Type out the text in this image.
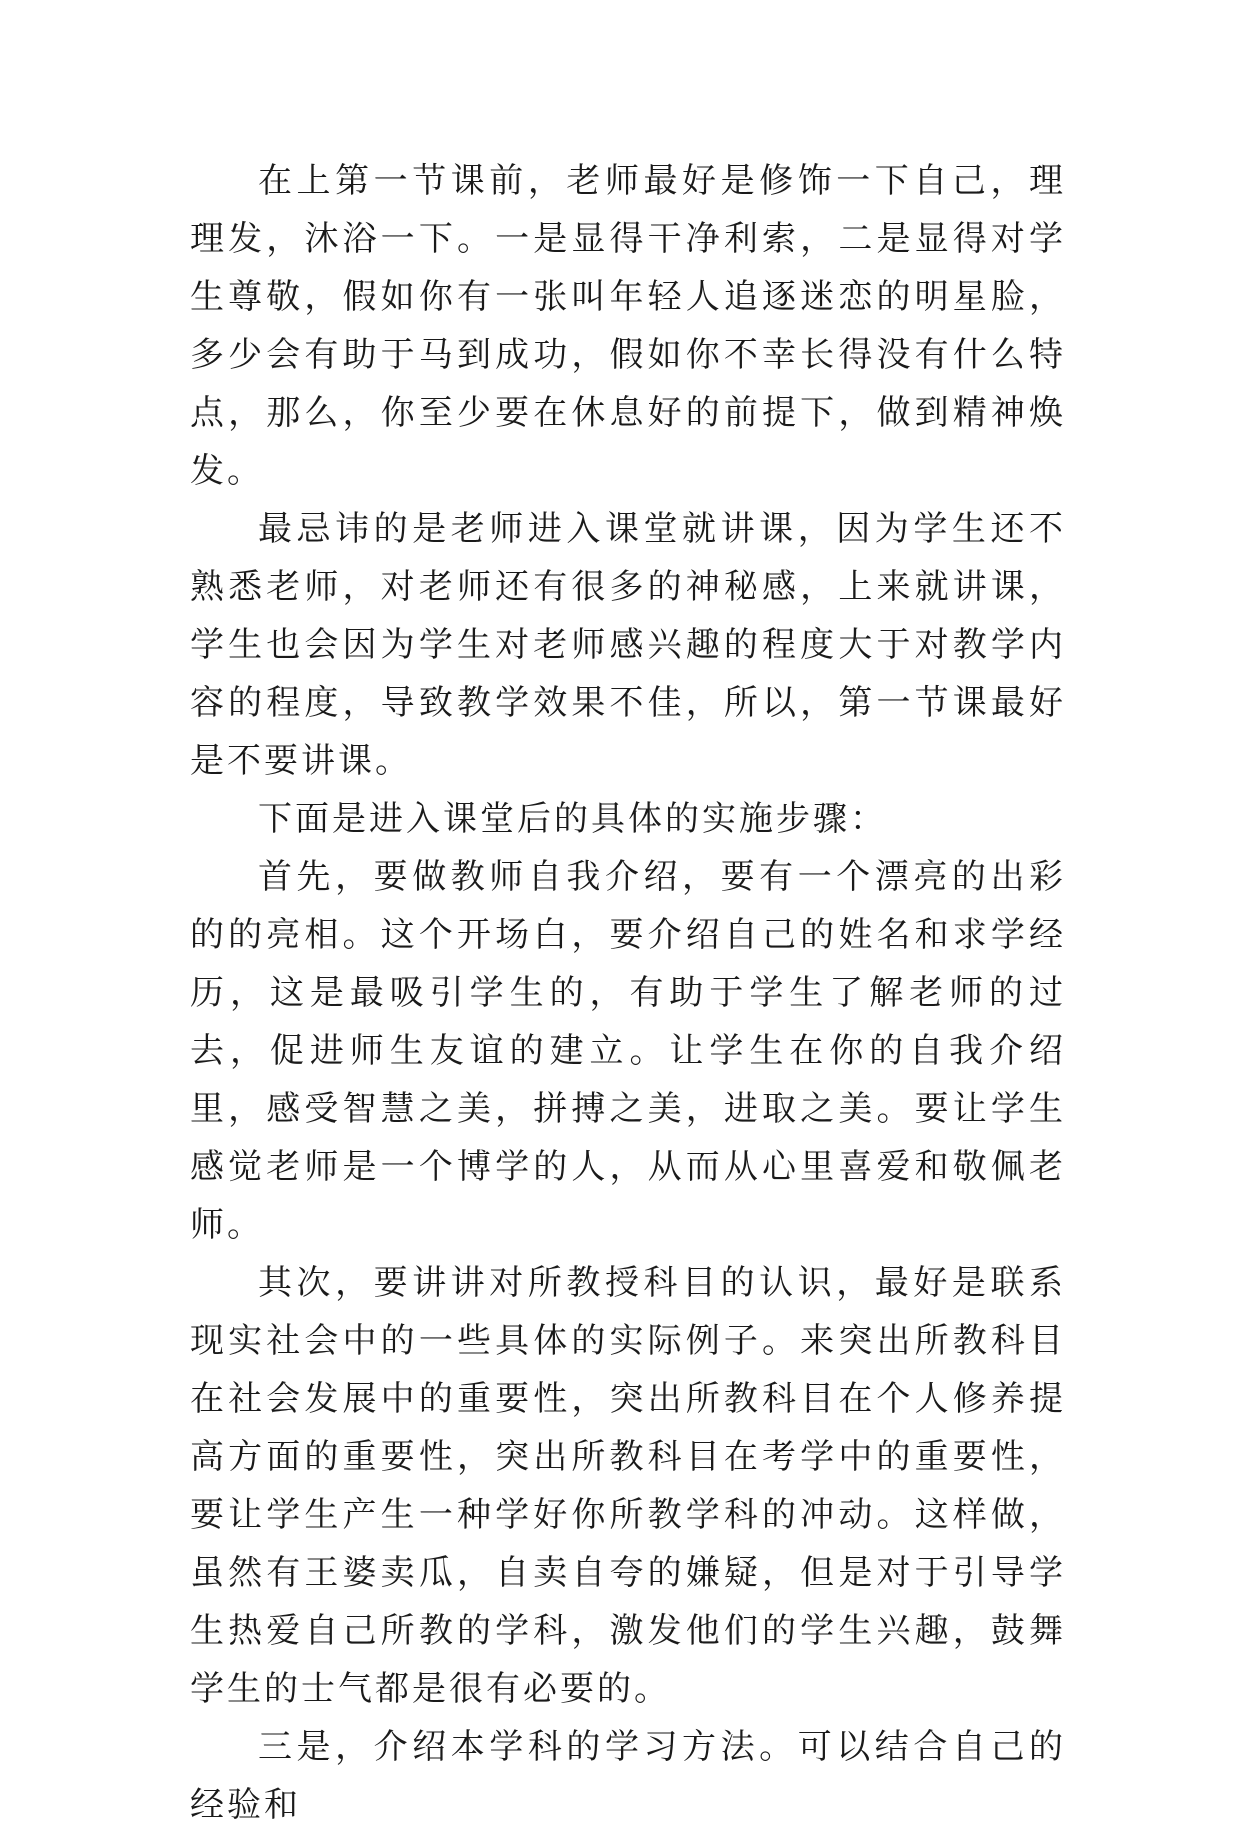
在上第一节课前，老师最好是修饰一下自己，理理发，沐浴一下。一是显得干净利索，二是显得对学生尊敬，假如你有一张叫年轻人追逐迷恋的明星脸，多少会有助于马到成功，假如你不幸长得没有什么特点，那么，你至少要在休息好的前提下，做到精神焕发。

最忌讳的是老师进入课堂就讲课，因为学生还不熟悉老师，对老师还有很多的神秘感，上来就讲课，学生也会因为学生对老师感兴趣的程度大于对教学内容的程度，导致教学效果不佳，所以，第一节课最好是不要讲课。

下面是进入课堂后的具体的实施步骤：

首先，要做教师自我介绍，要有一个漂亮的出彩的的亮相。这个开场白，要介绍自己的姓名和求学经历，这是最吸引学生的，有助于学生了解老师的过去，促进师生友谊的建立。让学生在你的自我介绍里，感受智慧之美，拼搏之美，进取之美。要让学生感觉老师是一个博学的人，从而从心里喜爱和敬佩老师。

其次，要讲讲对所教授科目的认识，最好是联系现实社会中的一些具体的实际例子。来突出所教科目在社会发展中的重要性，突出所教科目在个人修养提高方面的重要性，突出所教科目在考学中的重要性，要让学生产生一种学好你所教学科的冲动。这样做，虽然有王婆卖瓜，自卖自夸的嫌疑，但是对于引导学生热爱自己所教的学科，激发他们的学生兴趣，鼓舞学生的士气都是很有必要的。

三是，介绍本学科的学习方法。可以结合自己的经验和
